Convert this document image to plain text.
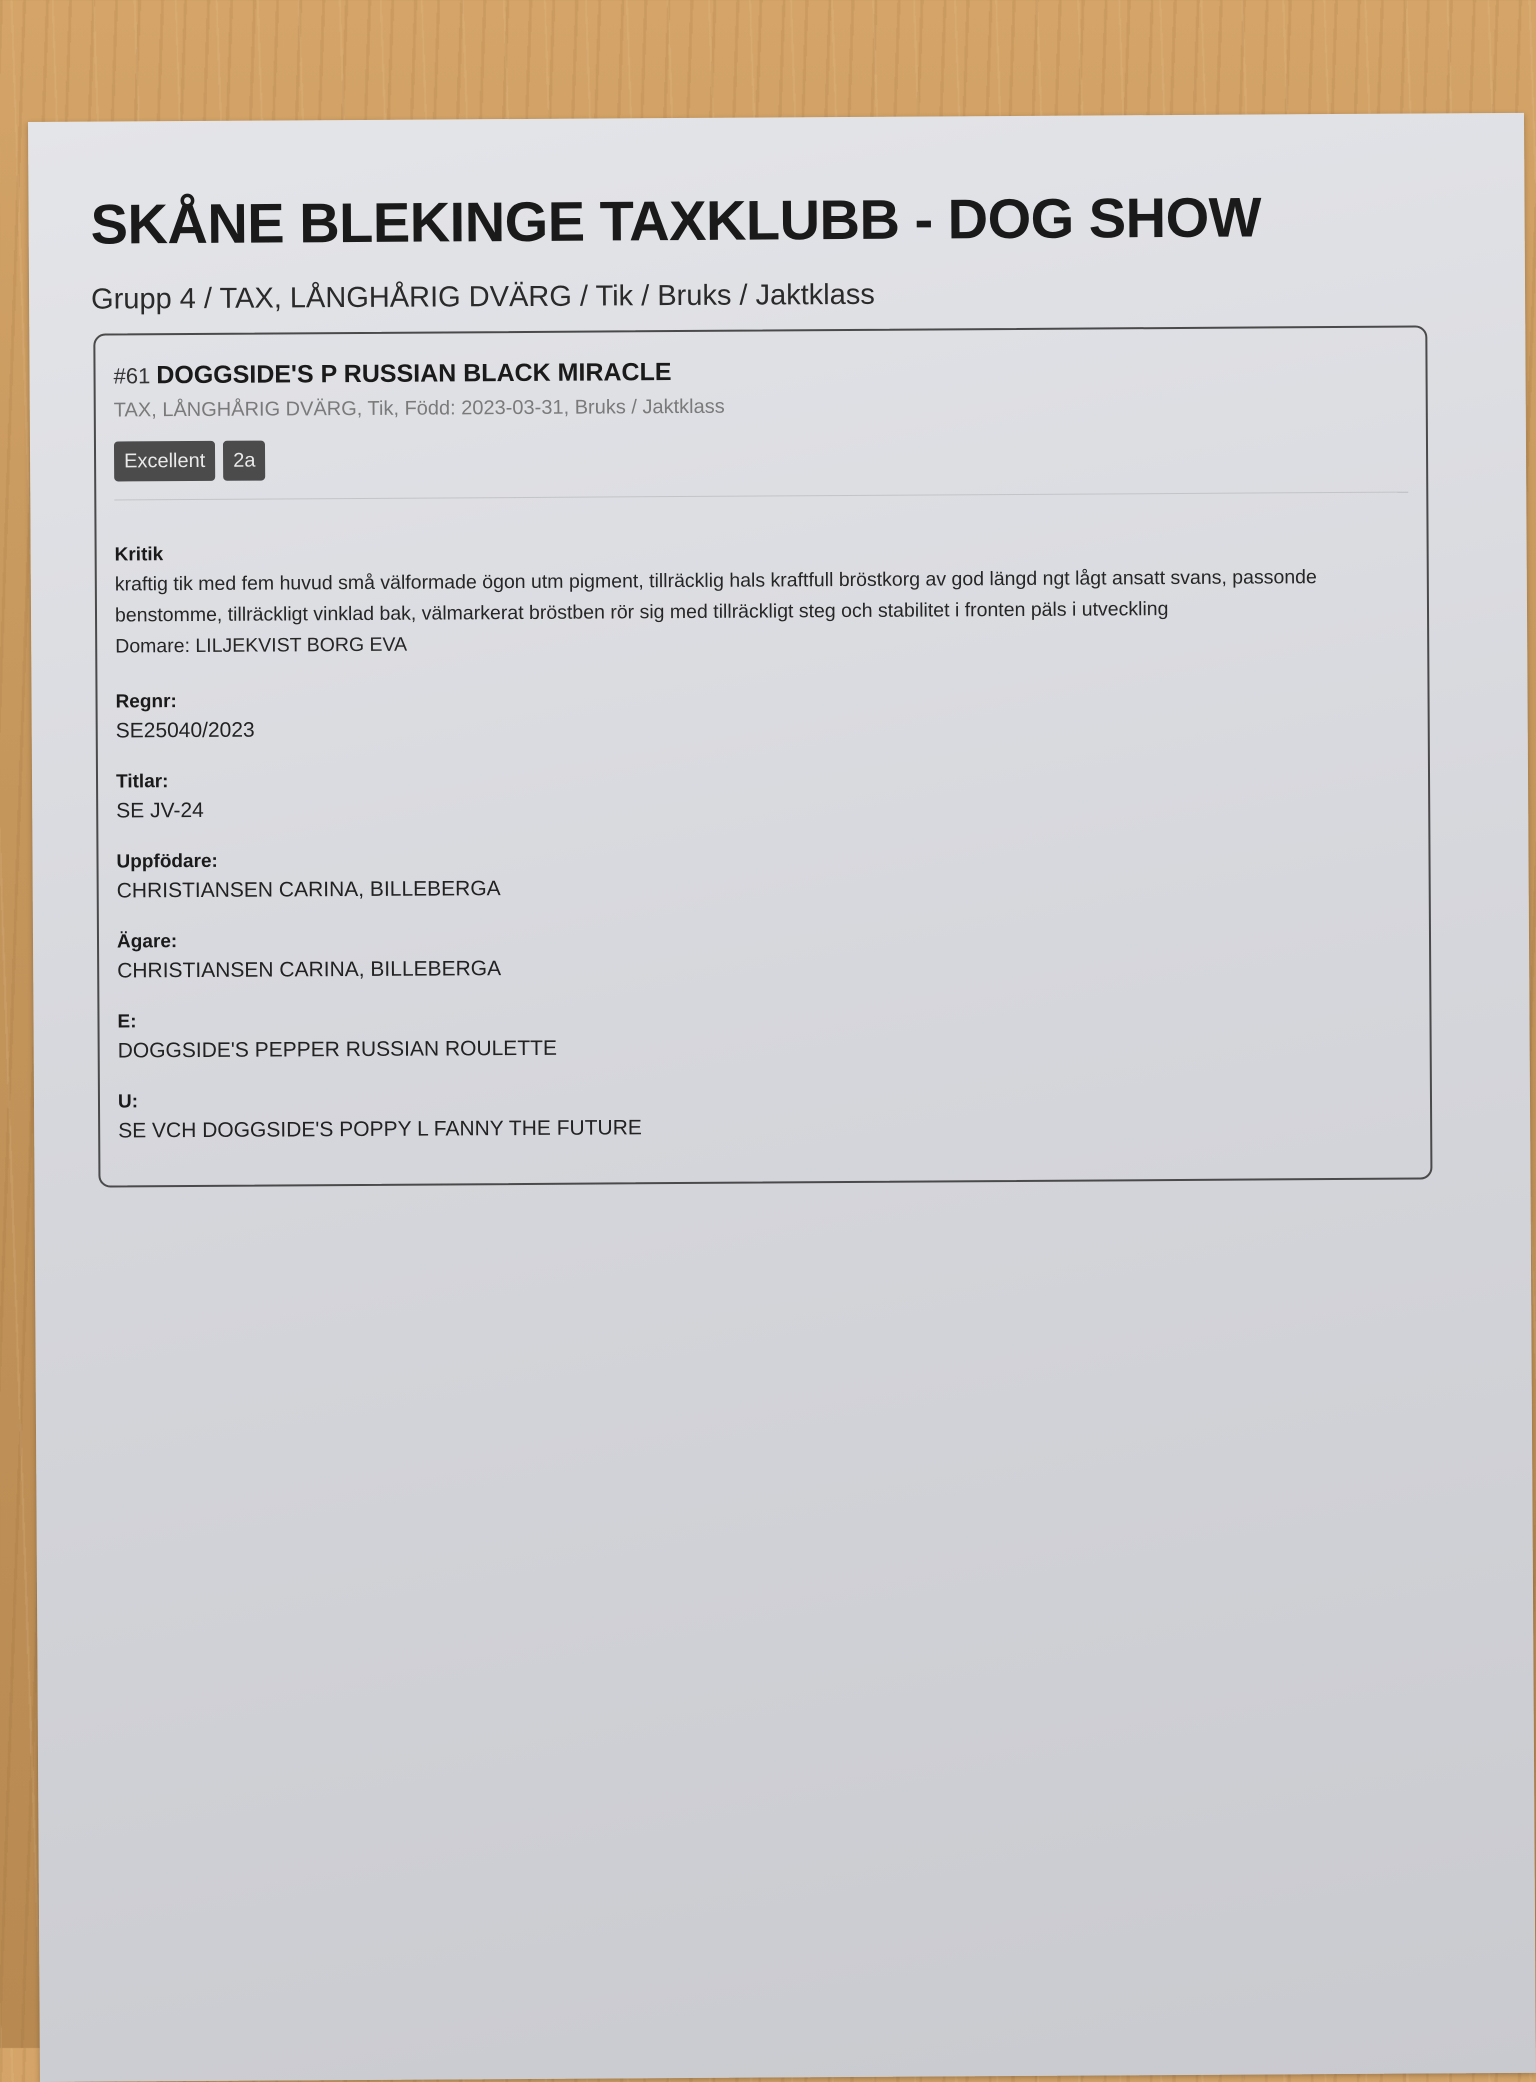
SKÅNE BLEKINGE TAXKLUBB - DOG SHOW
Grupp 4 / TAX, LÅNGHÅRIG DVÄRG / Tik / Bruks / Jaktklass
#61 DOGGSIDE'S P RUSSIAN BLACK MIRACLE
TAX, LÅNGHÅRIG DVÄRG, Tik, Född: 2023-03-31, Bruks / Jaktklass
Excellent	2a
Kritik
kraftig tik med fem huvud små välformade ögon utm pigment, tillräcklig hals kraftfull bröstkorg av god längd ngt lågt ansatt svans, passonde benstomme, tillräckligt vinklad bak, välmarkerat bröstben rör sig med tillräckligt steg och stabilitet i fronten päls i utveckling
Domare: LILJEKVIST BORG EVA
Regnr:
SE25040/2023
Titlar:
SE JV-24
Uppfödare:
CHRISTIANSEN CARINA, BILLEBERGA
Ägare:
CHRISTIANSEN CARINA, BILLEBERGA
E:
DOGGSIDE'S PEPPER RUSSIAN ROULETTE
U:
SE VCH DOGGSIDE'S POPPY L FANNY THE FUTURE
